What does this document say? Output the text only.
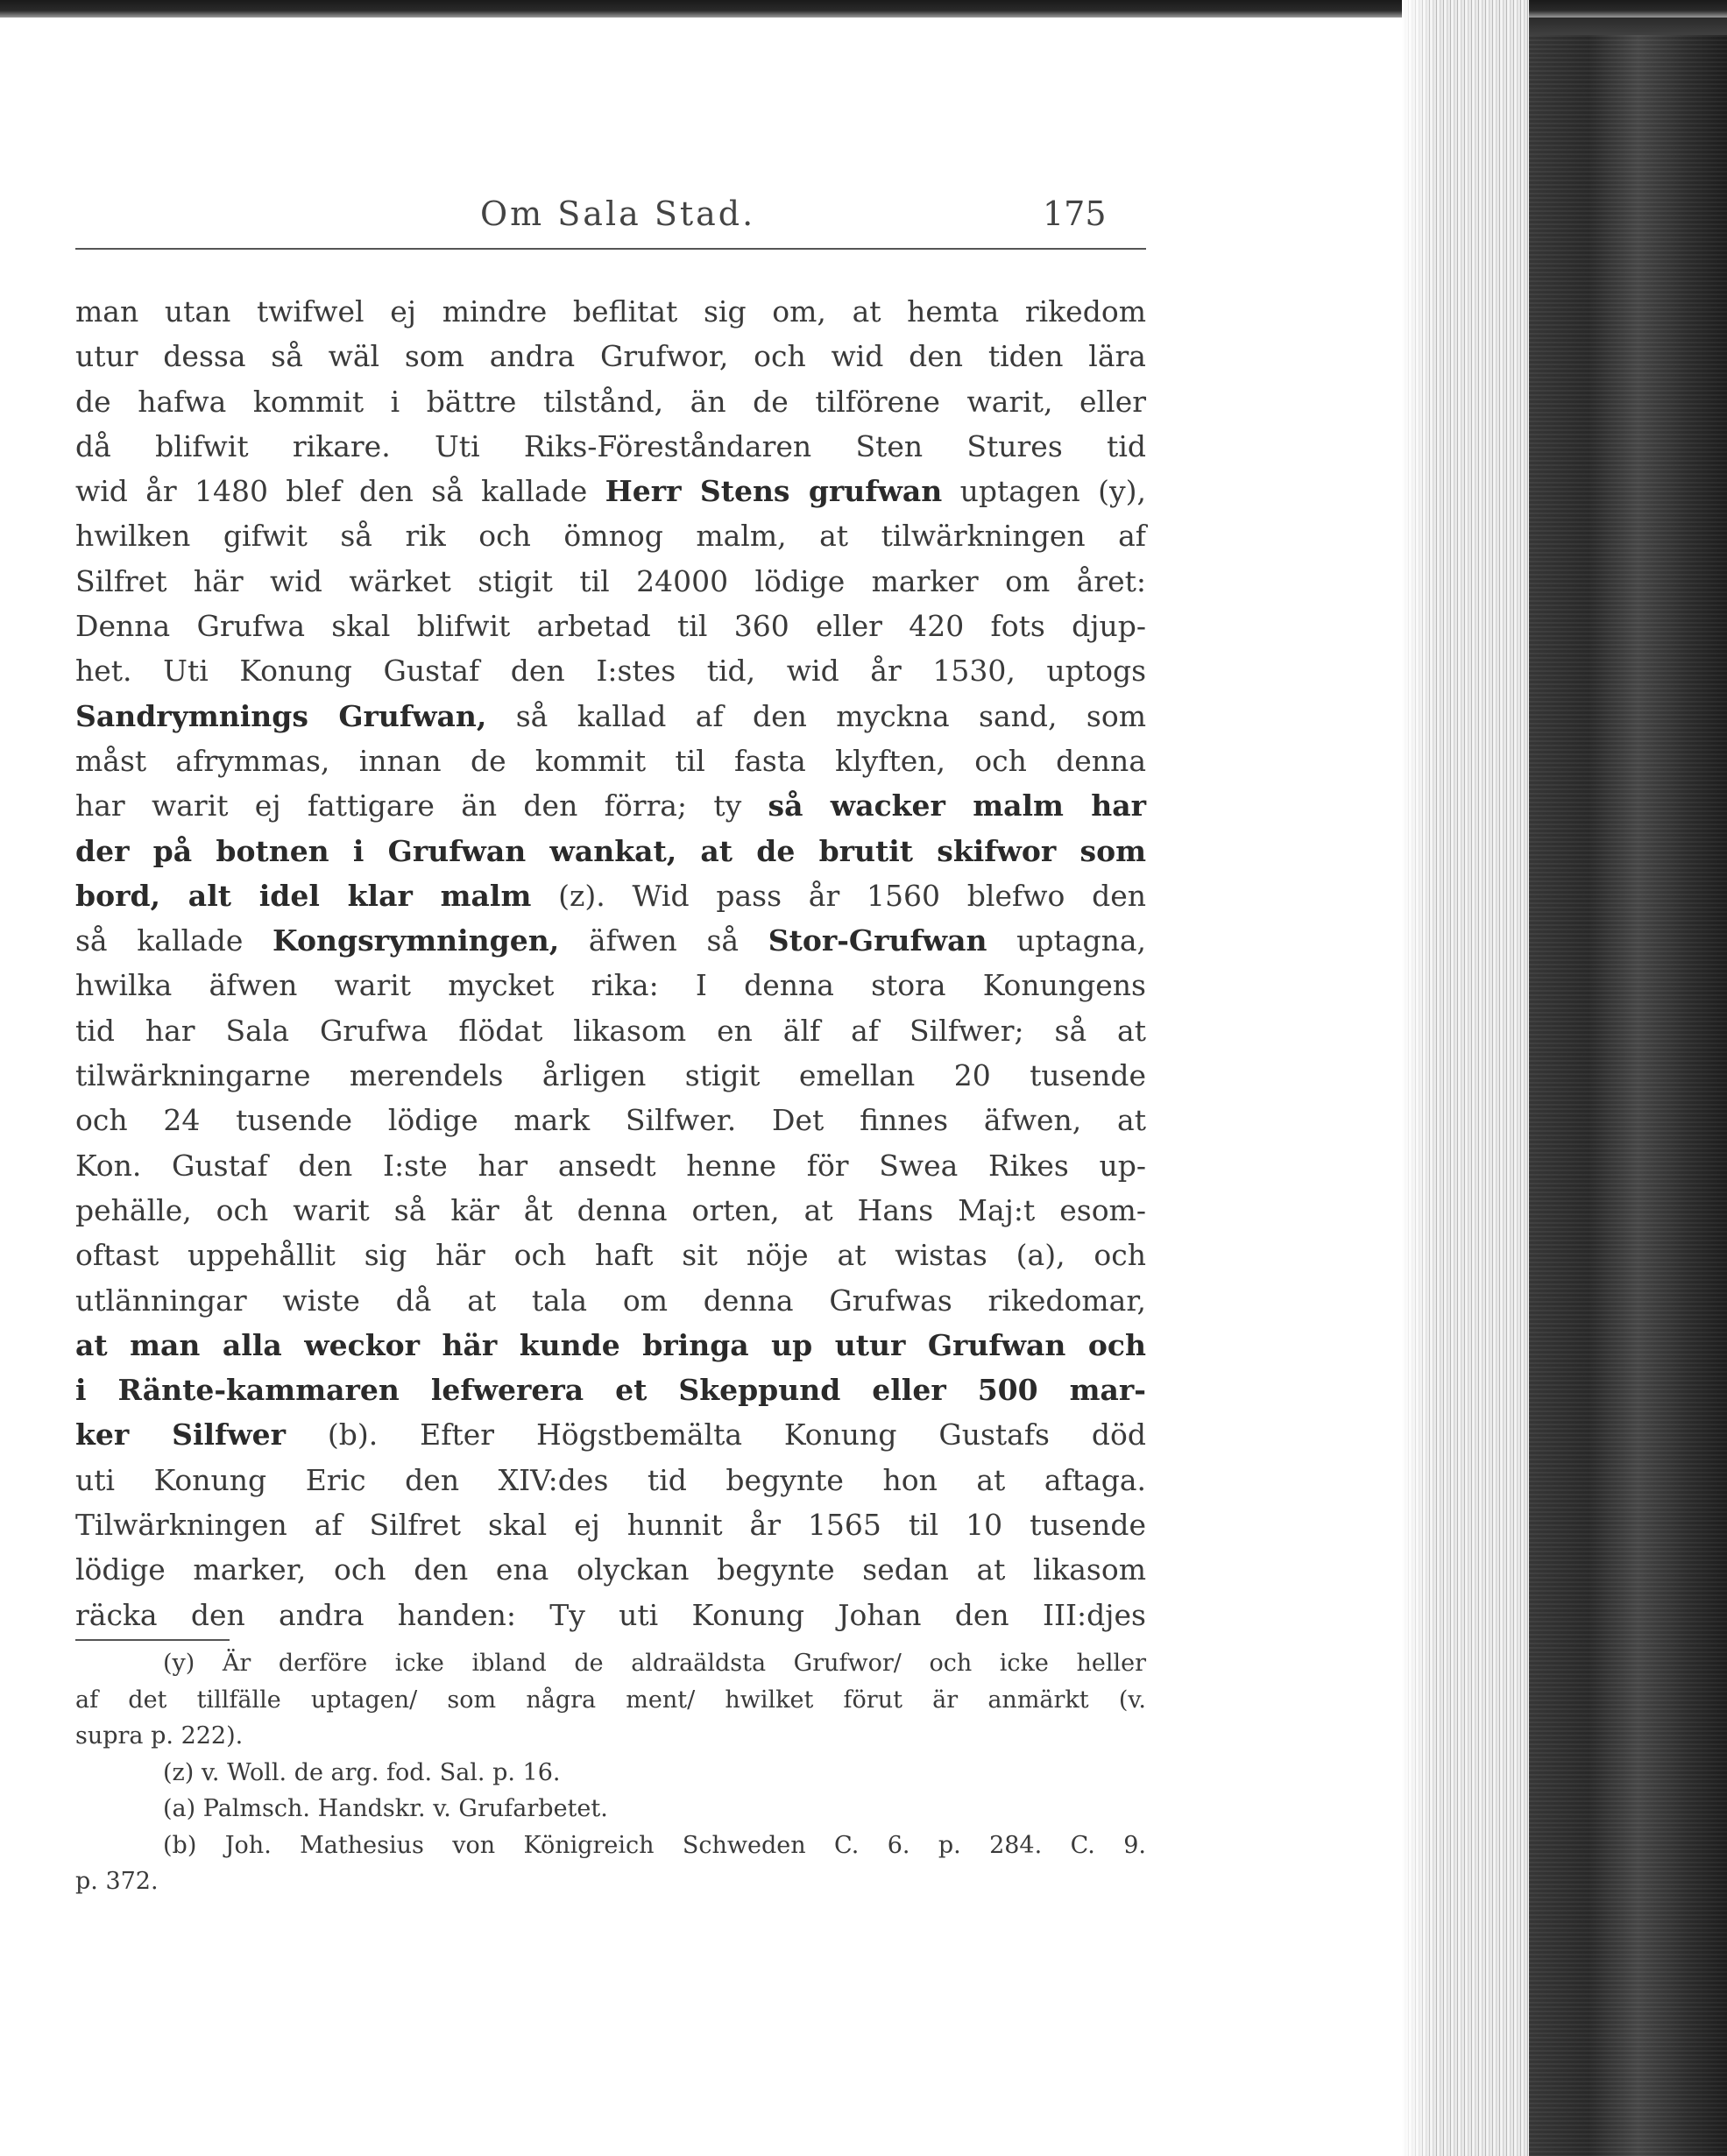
Om Sala Stad.	175
man utan twifwel ej mindre beflitat sig om, at hemta rikedom
utur dessa så wäl som andra Grufwor, och wid den tiden lära
de hafwa kommit i bättre tilstånd, än de tilförene warit, eller
då blifwit rikare. Uti Riks-Föreståndaren Sten Stures tid
wid år 1480 blef den så kallade Herr Stens grufwan uptagen (y),
hwilken gifwit så rik och ömnog malm, at tilwärkningen af
Silfret här wid wärket stigit til 24000 lödige marker om året:
Denna Grufwa skal blifwit arbetad til 360 eller 420 fots djup-
het. Uti Konung Gustaf den I:stes tid, wid år 1530, uptogs
Sandrymnings Grufwan, så kallad af den myckna sand, som
måst afrymmas, innan de kommit til fasta klyften, och denna
har warit ej fattigare än den förra; ty så wacker malm har
der på botnen i Grufwan wankat, at de brutit skifwor som
bord, alt idel klar malm (z). Wid pass år 1560 blefwo den
så kallade Kongsrymningen, äfwen så Stor-Grufwan uptagna,
hwilka äfwen warit mycket rika: I denna stora Konungens
tid har Sala Grufwa flödat likasom en älf af Silfwer; så at
tilwärkningarne merendels årligen stigit emellan 20 tusende
och 24 tusende lödige mark Silfwer. Det finnes äfwen, at
Kon. Gustaf den I:ste har ansedt henne för Swea Rikes up-
pehälle, och warit så kär åt denna orten, at Hans Maj:t esom-
oftast uppehållit sig här och haft sit nöje at wistas (a), och
utlänningar wiste då at tala om denna Grufwas rikedomar,
at man alla weckor här kunde bringa up utur Grufwan och
i Ränte-kammaren lefwerera et Skeppund eller 500 mar-
ker Silfwer (b). Efter Högstbemälta Konung Gustafs död
uti Konung Eric den XIV:des tid begynte hon at aftaga.
Tilwärkningen af Silfret skal ej hunnit år 1565 til 10 tusende
lödige marker, och den ena olyckan begynte sedan at likasom
räcka den andra handen: Ty uti Konung Johan den III:djes
(y) Är derföre icke ibland de aldraäldsta Grufwor/ och icke heller
af det tillfälle uptagen/ som några ment/ hwilket förut är anmärkt (v.
supra p. 222).
(z) v. Woll. de arg. fod. Sal. p. 16.
(a) Palmsch. Handskr. v. Grufarbetet.
(b) Joh. Mathesius von Königreich Schweden C. 6. p. 284. C. 9.
p. 372.
